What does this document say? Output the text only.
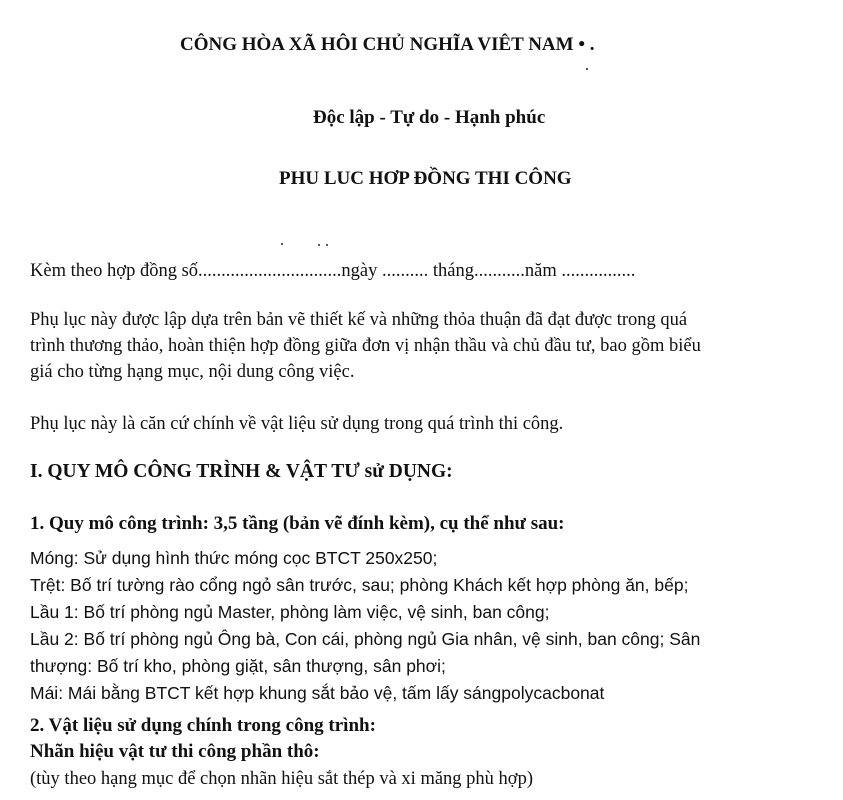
CÔNG HÒA XÃ HÔI CHỦ NGHĨA VIÊT NAM • .

Độc lập - Tự do - Hạnh phúc

PHU LUC HƠP ĐỒNG THI CÔNG

Kèm theo hợp đồng số...............................ngày .......... tháng...........năm ................

Phụ lục này được lập dựa trên bản vẽ thiết kế và những thỏa thuận đã đạt được trong quá

trình thương thảo, hoàn thiện hợp đồng giữa đơn vị nhận thầu và chủ đầu tư, bao gồm biểu

giá cho từng hạng mục, nội dung công việc.

Phụ lục này là căn cứ chính về vật liệu sử dụng trong quá trình thi công.

I. QUY MÔ CÔNG TRÌNH & VẬT TƯ sử DỤNG:

1. Quy mô công trình: 3,5 tầng (bản vẽ đính kèm), cụ thể như sau:

Móng: Sử dụng hình thức móng cọc BTCT 250x250;

Trệt: Bố trí tường rào cổng ngỏ sân trước, sau; phòng Khách kết hợp phòng ăn, bếp;

Lầu 1: Bố trí phòng ngủ Master, phòng làm việc, vệ sinh, ban công;

Lầu 2: Bố trí phòng ngủ Ông bà, Con cái, phòng ngủ Gia nhân, vệ sinh, ban công; Sân

thượng: Bố trí kho, phòng giặt, sân thượng, sân phơi;

Mái: Mái bằng BTCT kết hợp khung sắt bảo vệ, tấm lấy sángpolycacbonat

2. Vật liệu sử dụng chính trong công trình:

Nhãn hiệu vật tư thi công phần thô:

(tùy theo hạng mục để chọn nhãn hiệu sắt thép và xi măng phù hợp)
